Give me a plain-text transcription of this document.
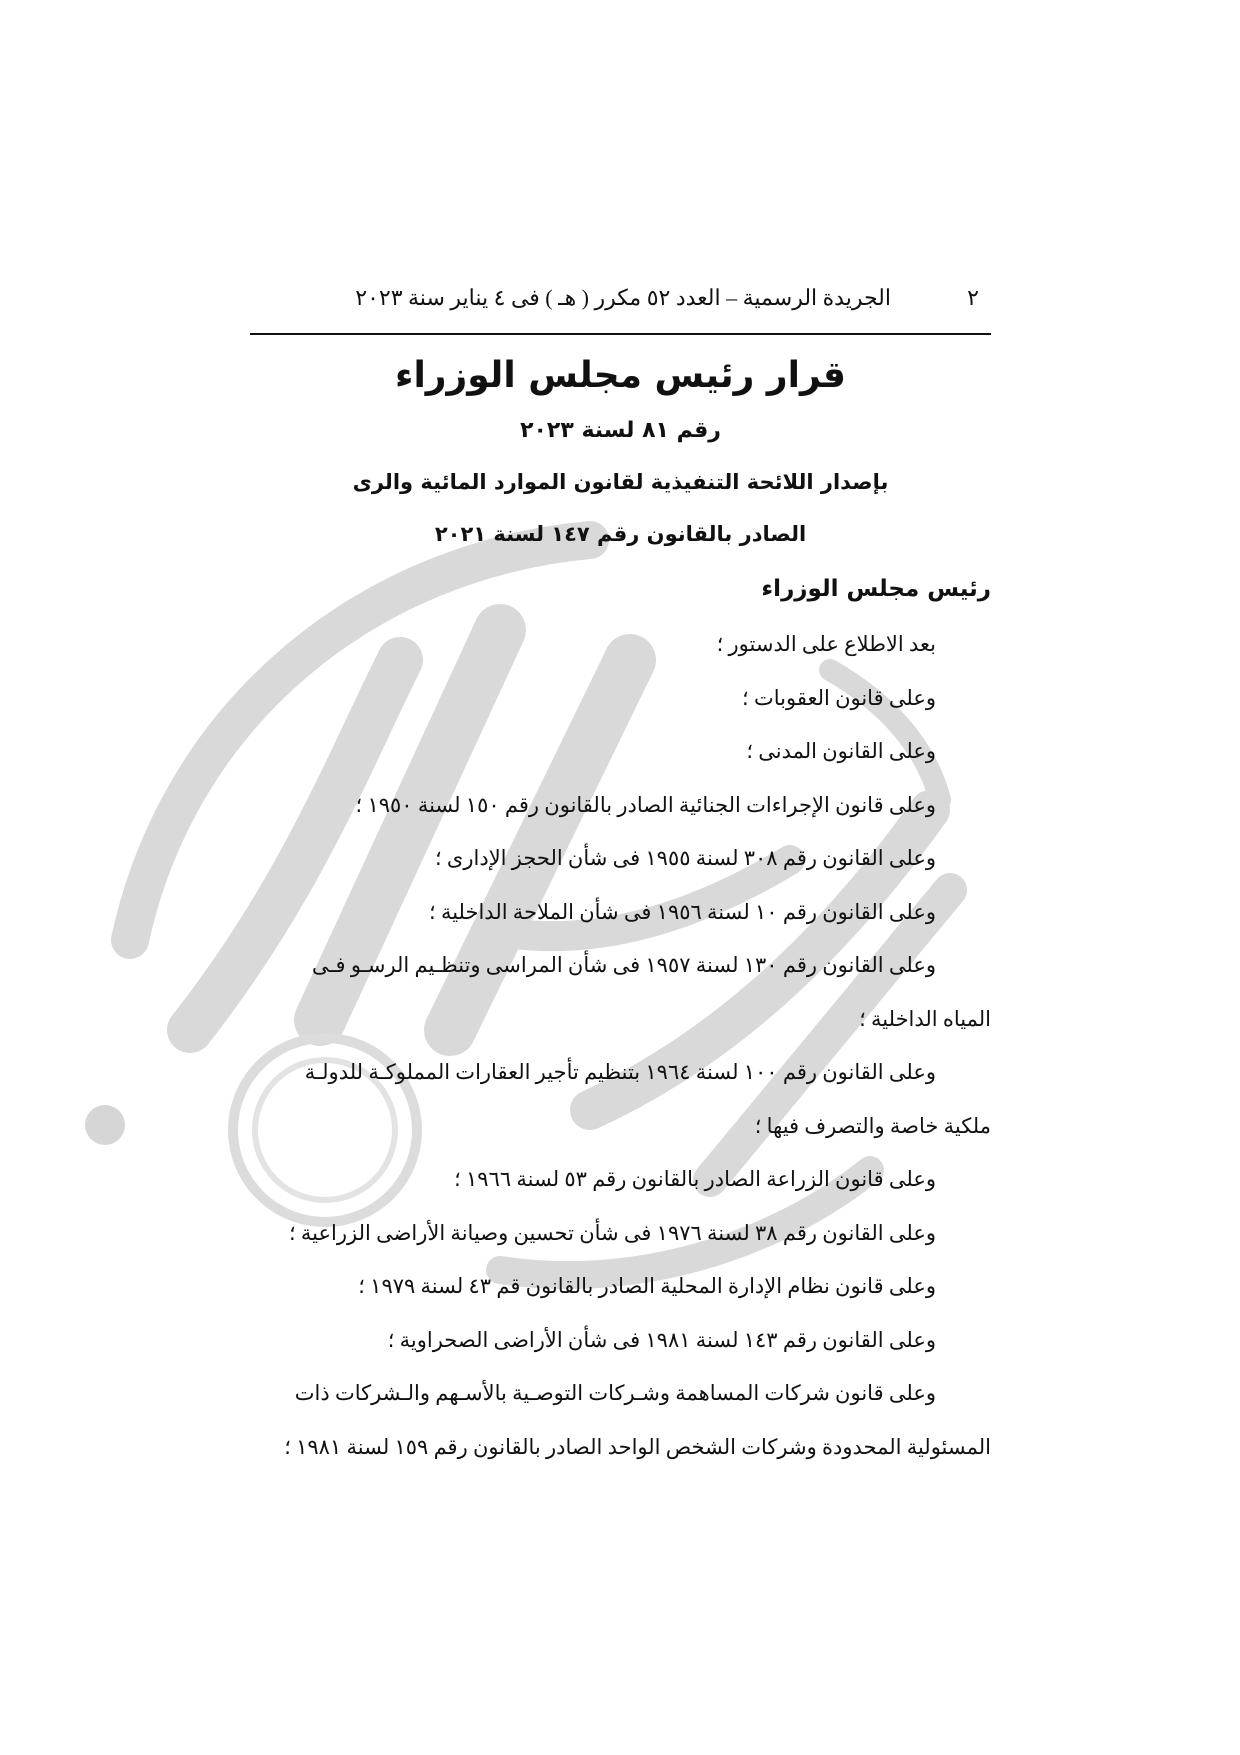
٢
الجريدة الرسمية – العدد ٥٢ مكرر ( هـ ) فى ٤ يناير سنة ٢٠٢٣
قرار رئيس مجلس الوزراء
رقم ٨١ لسنة ٢٠٢٣
بإصدار اللائحة التنفيذية لقانون الموارد المائية والرى
الصادر بالقانون رقم ١٤٧ لسنة ٢٠٢١
رئيس مجلس الوزراء
بعد الاطلاع على الدستور ؛
وعلى قانون العقوبات ؛
وعلى القانون المدنى ؛
وعلى قانون الإجراءات الجنائية الصادر بالقانون رقم ١٥٠ لسنة ١٩٥٠ ؛
وعلى القانون رقم ٣٠٨ لسنة ١٩٥٥ فى شأن الحجز الإدارى ؛
وعلى القانون رقم ١٠ لسنة ١٩٥٦ فى شأن الملاحة الداخلية ؛
وعلى القانون رقم ١٣٠ لسنة ١٩٥٧ فى شأن المراسى وتنظـيم الرسـو فـى
المياه الداخلية ؛
وعلى القانون رقم ١٠٠ لسنة ١٩٦٤ بتنظيم تأجير العقارات المملوكـة للدولـة
ملكية خاصة والتصرف فيها ؛
وعلى قانون الزراعة الصادر بالقانون رقم ٥٣ لسنة ١٩٦٦ ؛
وعلى القانون رقم ٣٨ لسنة ١٩٧٦ فى شأن تحسين وصيانة الأراضى الزراعية ؛
وعلى قانون نظام الإدارة المحلية الصادر بالقانون قم ٤٣ لسنة ١٩٧٩ ؛
وعلى القانون رقم ١٤٣ لسنة ١٩٨١ فى شأن الأراضى الصحراوية ؛
وعلى قانون شركات المساهمة وشـركات التوصـية بالأسـهم والـشركات ذات
المسئولية المحدودة وشركات الشخص الواحد الصادر بالقانون رقم ١٥٩ لسنة ١٩٨١ ؛
